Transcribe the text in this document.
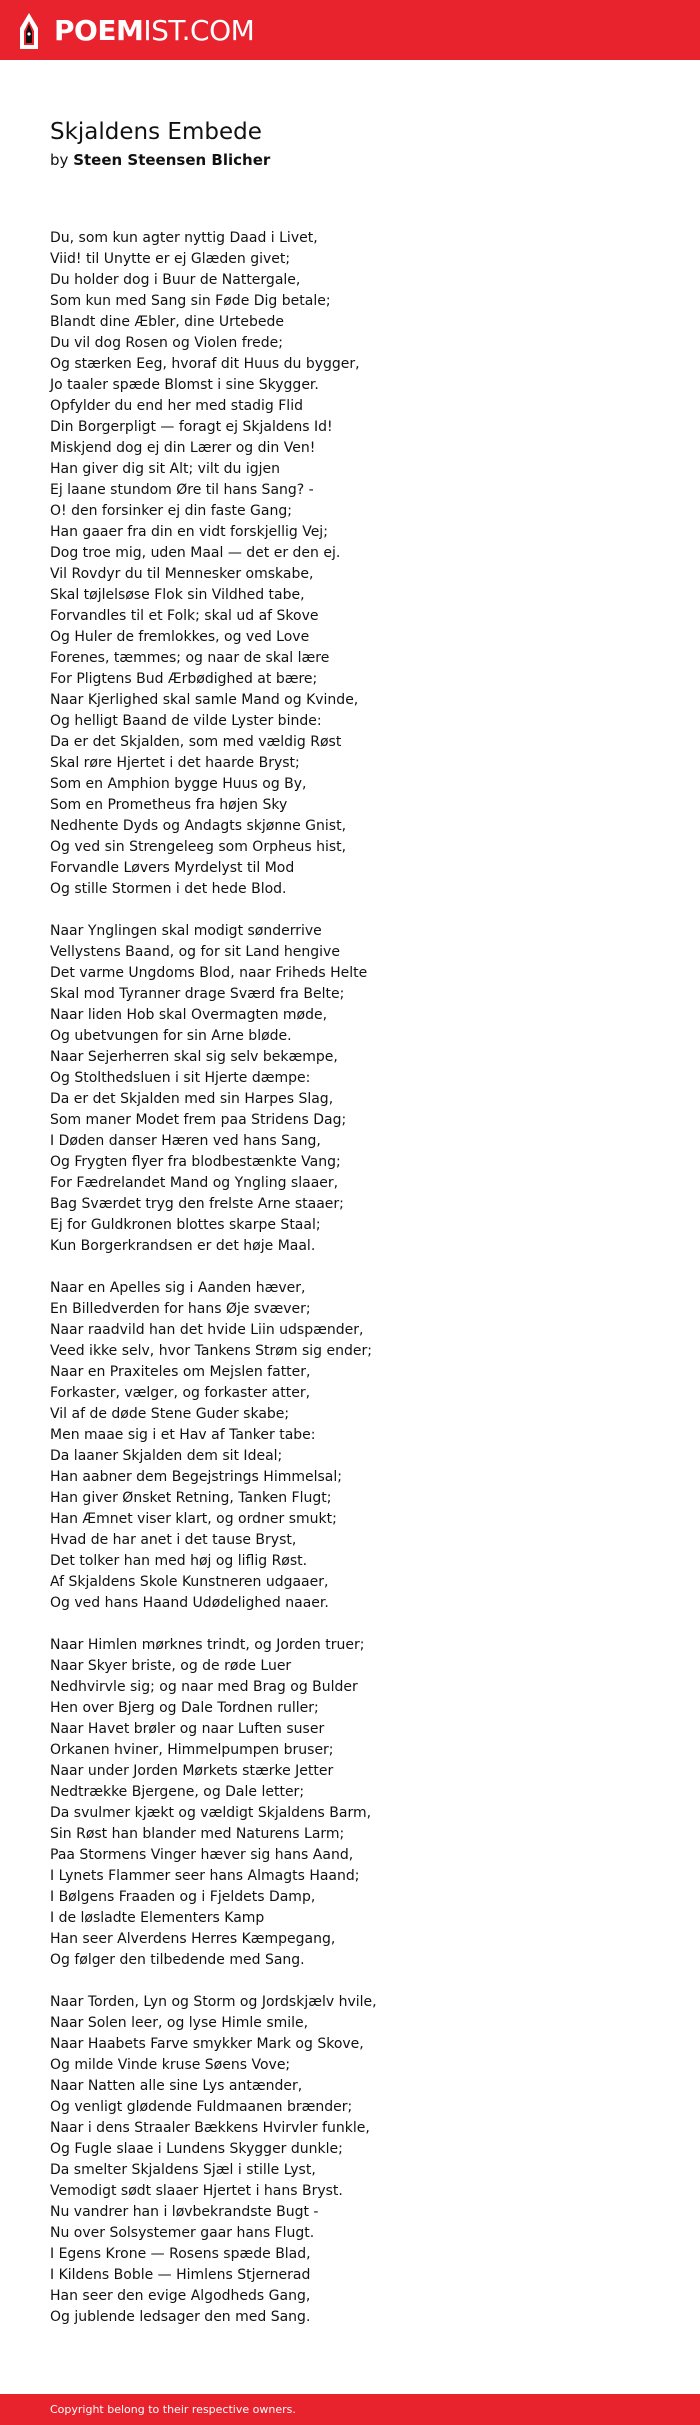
POEMIST.COM
Skjaldens Embede
by Steen Steensen Blicher
Du, som kun agter nyttig Daad i Livet,
Viid! til Unytte er ej Glæden givet;
Du holder dog i Buur de Nattergale,
Som kun med Sang sin Føde Dig betale;
Blandt dine Æbler, dine Urtebede
Du vil dog Rosen og Violen frede;
Og stærken Eeg, hvoraf dit Huus du bygger,
Jo taaler spæde Blomst i sine Skygger.
Opfylder du end her med stadig Flid
Din Borgerpligt — foragt ej Skjaldens Id!
Miskjend dog ej din Lærer og din Ven!
Han giver dig sit Alt; vilt du igjen
Ej laane stundom Øre til hans Sang? -
O! den forsinker ej din faste Gang;
Han gaaer fra din en vidt forskjellig Vej;
Dog troe mig, uden Maal — det er den ej.
Vil Rovdyr du til Mennesker omskabe,
Skal tøjlelsøse Flok sin Vildhed tabe,
Forvandles til et Folk; skal ud af Skove
Og Huler de fremlokkes, og ved Love
Forenes, tæmmes; og naar de skal lære
For Pligtens Bud Ærbødighed at bære;
Naar Kjerlighed skal samle Mand og Kvinde,
Og helligt Baand de vilde Lyster binde:
Da er det Skjalden, som med vældig Røst
Skal røre Hjertet i det haarde Bryst;
Som en Amphion bygge Huus og By,
Som en Prometheus fra højen Sky
Nedhente Dyds og Andagts skjønne Gnist,
Og ved sin Strengeleeg som Orpheus hist,
Forvandle Løvers Myrdelyst til Mod
Og stille Stormen i det hede Blod.
Naar Ynglingen skal modigt sønderrive
Vellystens Baand, og for sit Land hengive
Det varme Ungdoms Blod, naar Friheds Helte
Skal mod Tyranner drage Sværd fra Belte;
Naar liden Hob skal Overmagten møde,
Og ubetvungen for sin Arne bløde.
Naar Sejerherren skal sig selv bekæmpe,
Og Stolthedsluen i sit Hjerte dæmpe:
Da er det Skjalden med sin Harpes Slag,
Som maner Modet frem paa Stridens Dag;
I Døden danser Hæren ved hans Sang,
Og Frygten flyer fra blodbestænkte Vang;
For Fædrelandet Mand og Yngling slaaer,
Bag Sværdet tryg den frelste Arne staaer;
Ej for Guldkronen blottes skarpe Staal;
Kun Borgerkrandsen er det høje Maal.
Naar en Apelles sig i Aanden hæver,
En Billedverden for hans Øje svæver;
Naar raadvild han det hvide Liin udspænder,
Veed ikke selv, hvor Tankens Strøm sig ender;
Naar en Praxiteles om Mejslen fatter,
Forkaster, vælger, og forkaster atter,
Vil af de døde Stene Guder skabe;
Men maae sig i et Hav af Tanker tabe:
Da laaner Skjalden dem sit Ideal;
Han aabner dem Begejstrings Himmelsal;
Han giver Ønsket Retning, Tanken Flugt;
Han Æmnet viser klart, og ordner smukt;
Hvad de har anet i det tause Bryst,
Det tolker han med høj og liflig Røst.
Af Skjaldens Skole Kunstneren udgaaer,
Og ved hans Haand Udødelighed naaer.
Naar Himlen mørknes trindt, og Jorden truer;
Naar Skyer briste, og de røde Luer
Nedhvirvle sig; og naar med Brag og Bulder
Hen over Bjerg og Dale Tordnen ruller;
Naar Havet brøler og naar Luften suser
Orkanen hviner, Himmelpumpen bruser;
Naar under Jorden Mørkets stærke Jetter
Nedtrække Bjergene, og Dale letter;
Da svulmer kjækt og vældigt Skjaldens Barm,
Sin Røst han blander med Naturens Larm;
Paa Stormens Vinger hæver sig hans Aand,
I Lynets Flammer seer hans Almagts Haand;
I Bølgens Fraaden og i Fjeldets Damp,
I de løsladte Elementers Kamp
Han seer Alverdens Herres Kæmpegang,
Og følger den tilbedende med Sang.
Naar Torden, Lyn og Storm og Jordskjælv hvile,
Naar Solen leer, og lyse Himle smile,
Naar Haabets Farve smykker Mark og Skove,
Og milde Vinde kruse Søens Vove;
Naar Natten alle sine Lys antænder,
Og venligt glødende Fuldmaanen brænder;
Naar i dens Straaler Bækkens Hvirvler funkle,
Og Fugle slaae i Lundens Skygger dunkle;
Da smelter Skjaldens Sjæl i stille Lyst,
Vemodigt sødt slaaer Hjertet i hans Bryst.
Nu vandrer han i løvbekrandste Bugt -
Nu over Solsystemer gaar hans Flugt.
I Egens Krone — Rosens spæde Blad,
I Kildens Boble — Himlens Stjernerad
Han seer den evige Algodheds Gang,
Og jublende ledsager den med Sang.
Copyright belong to their respective owners.
